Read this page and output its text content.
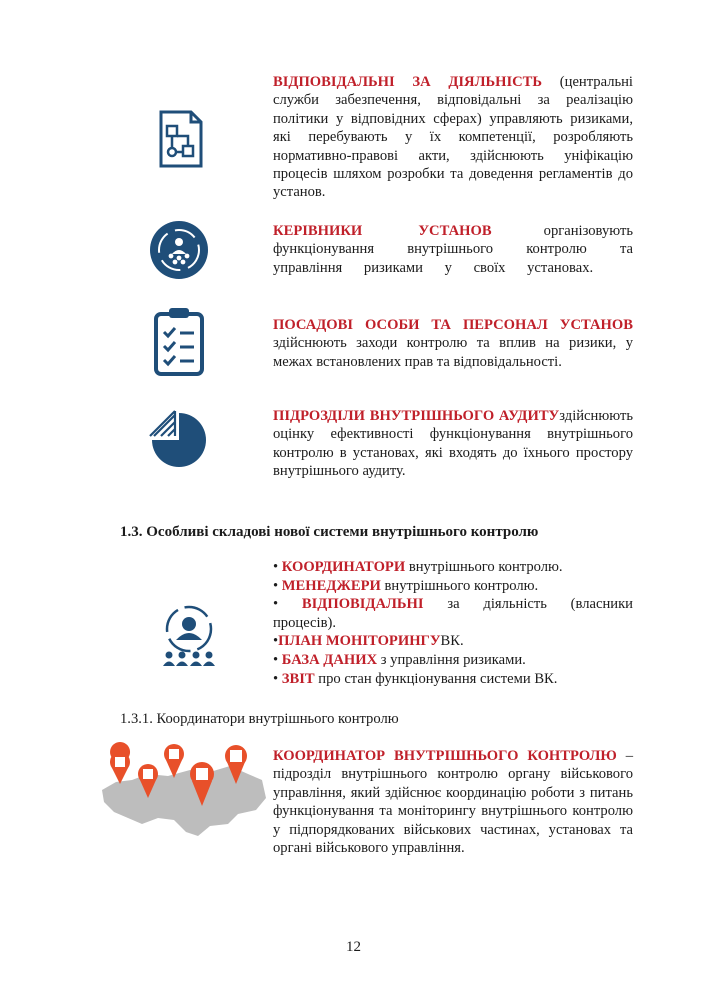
ВІДПОВІДАЛЬНІ ЗА ДІЯЛЬНІСТЬ (центральні служби забезпечення, відповідальні за реалізацію політики у відповідних сферах) управляють ризиками, які перебувають у їх компетенції, розробляють нормативно-правові акти, здійснюють уніфікацію процесів шляхом розробки та доведення регламентів до установ.
КЕРІВНИКИ УСТАНОВ організовують функціонування внутрішнього контролю та управління ризиками у своїх установах.
ПОСАДОВІ ОСОБИ ТА ПЕРСОНАЛ УСТАНОВ здійснюють заходи контролю та вплив на ризики, у межах встановлених прав та відповідальності.
ПІДРОЗДІЛИ ВНУТРІШНЬОГО АУДИТУздійснюють оцінку ефективності функціонування внутрішнього контролю в установах, які входять до їхнього простору внутрішнього аудиту.
1.3. Особливі складові нової системи внутрішнього контролю
• КООРДИНАТОРИ внутрішнього контролю.
• МЕНЕДЖЕРИ внутрішнього контролю.
• ВІДПОВІДАЛЬНІ за діяльність (власники процесів).
•ПЛАН МОНІТОРИНГУВК.
• БАЗА ДАНИХ з управління ризиками.
• ЗВІТ про стан функціонування системи ВК.
1.3.1. Координатори внутрішнього контролю
КООРДИНАТОР ВНУТРІШНЬОГО КОНТРОЛЮ – підрозділ внутрішнього контролю органу військового управління, який здійснює координацію роботи з питань функціонування та моніторингу внутрішнього контролю у підпорядкованих військових частинах, установах та органі військового управління.
12
